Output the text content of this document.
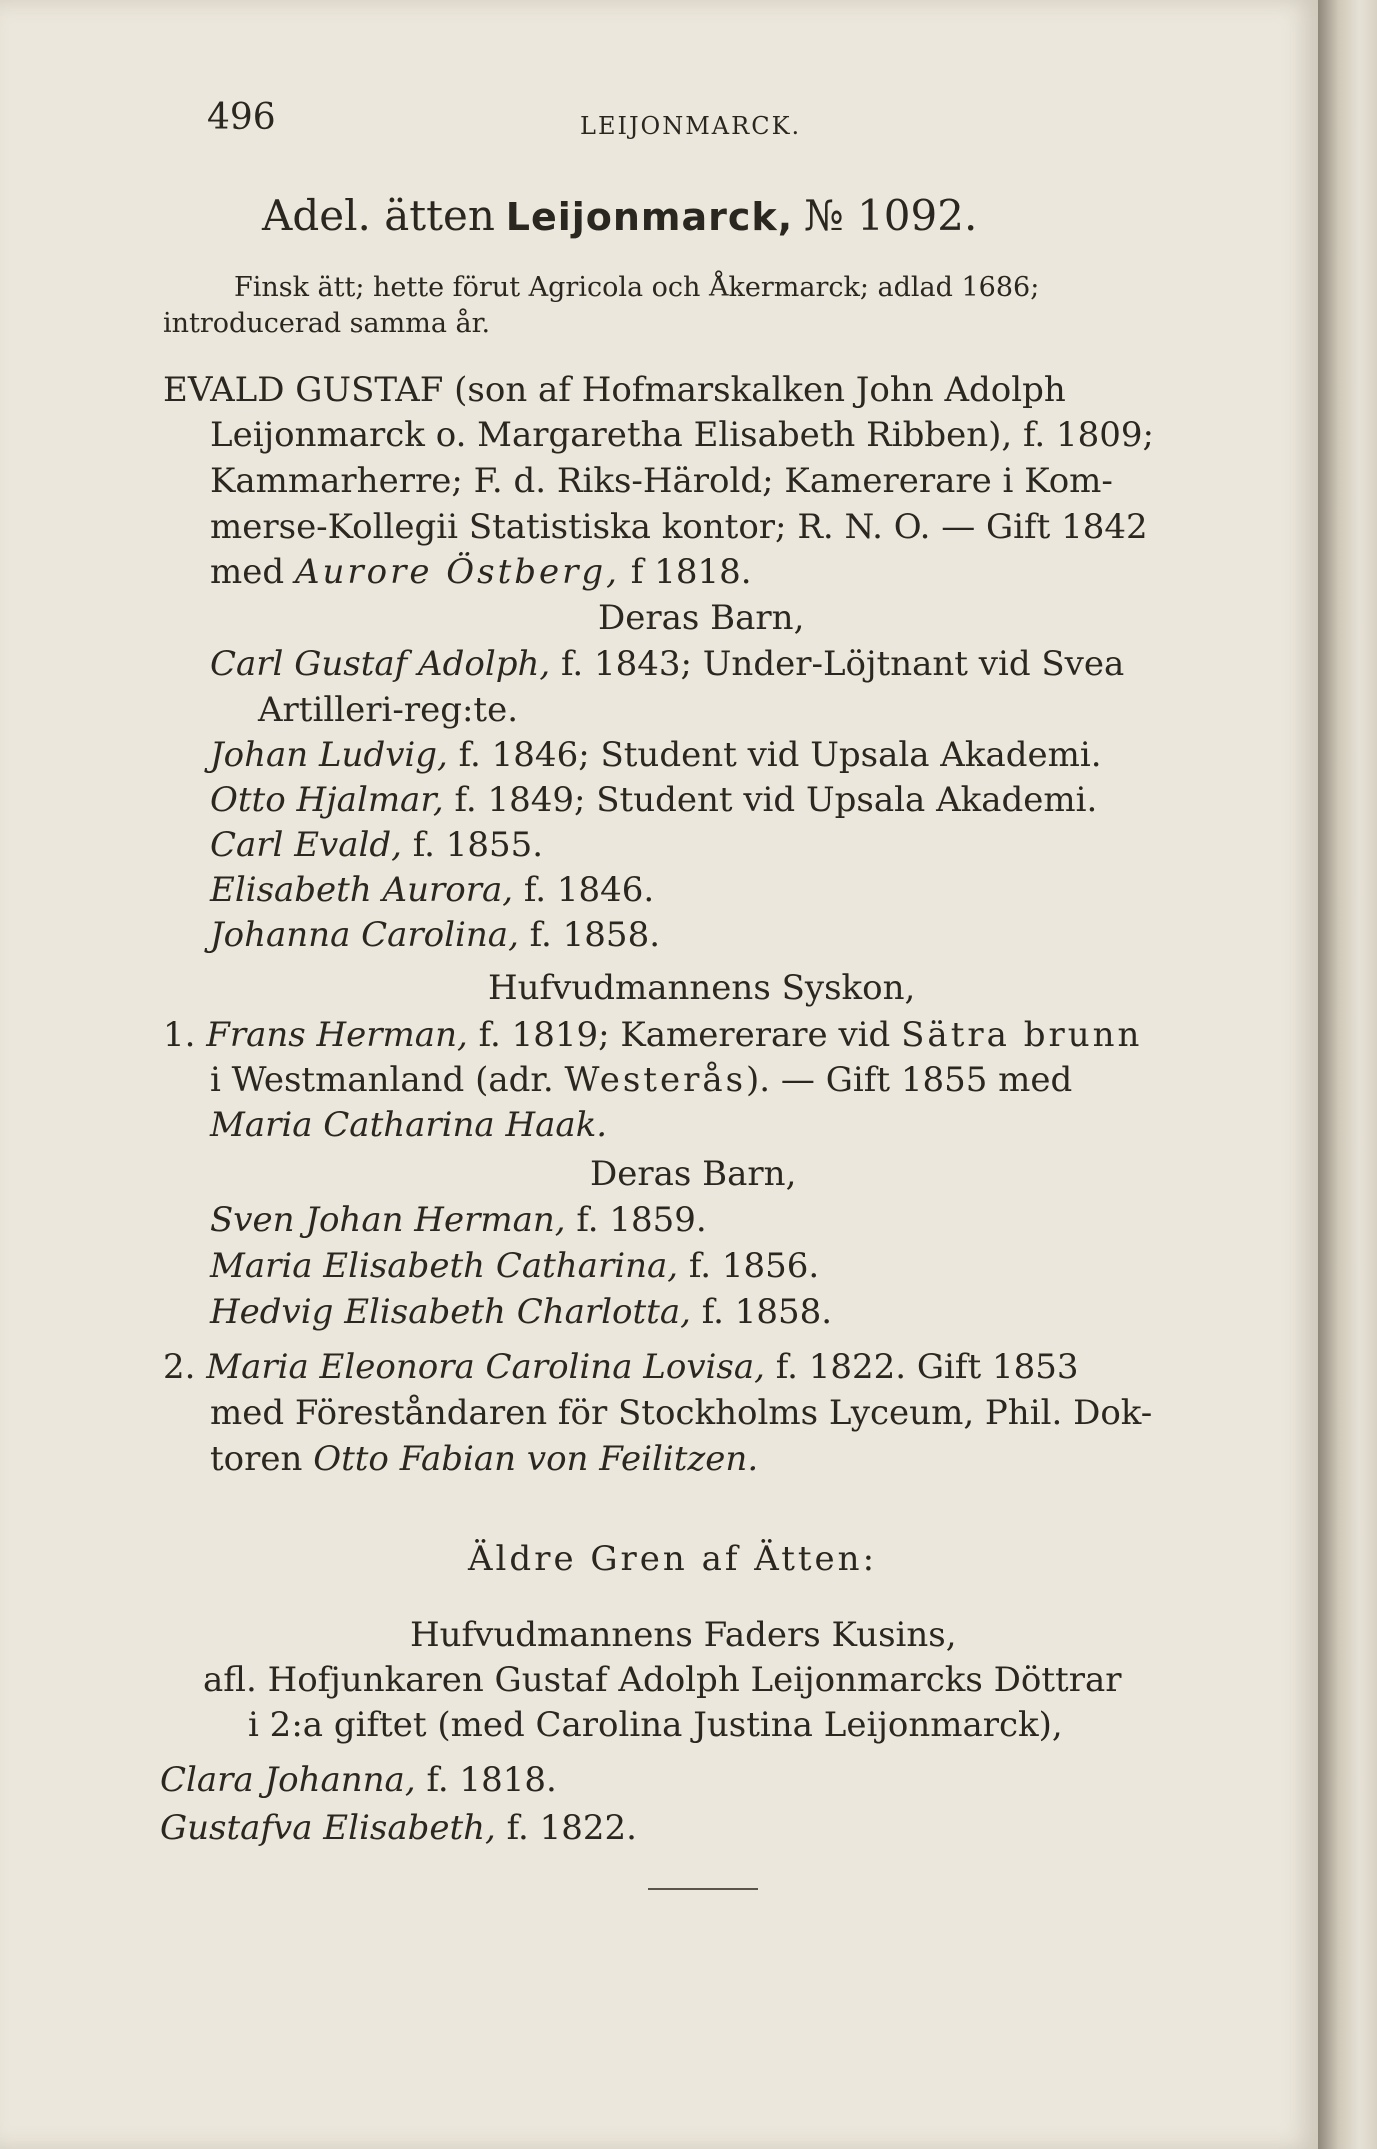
496	LEIJONMARCK.
Adel. ätten Leijonmarck, № 1092.
Finsk ätt; hette förut Agricola och Åkermarck; adlad 1686;
introducerad samma år.
EVALD GUSTAF (son af Hofmarskalken John Adolph
Leijonmarck o. Margaretha Elisabeth Ribben), f. 1809;
Kammarherre; F. d. Riks-Härold; Kamererare i Kom-
merse-Kollegii Statistiska kontor; R. N. O. — Gift 1842
med Aurore Östberg, f 1818.
Deras Barn,
Carl Gustaf Adolph, f. 1843; Under-Löjtnant vid Svea
Artilleri-reg:te.
Johan Ludvig, f. 1846; Student vid Upsala Akademi.
Otto Hjalmar, f. 1849; Student vid Upsala Akademi.
Carl Evald, f. 1855.
Elisabeth Aurora, f. 1846.
Johanna Carolina, f. 1858.
Hufvudmannens Syskon,
1. Frans Herman, f. 1819; Kamererare vid Sätra brunn
i Westmanland (adr. Westerås). — Gift 1855 med
Maria Catharina Haak.
Deras Barn,
Sven Johan Herman, f. 1859.
Maria Elisabeth Catharina, f. 1856.
Hedvig Elisabeth Charlotta, f. 1858.
2. Maria Eleonora Carolina Lovisa, f. 1822. Gift 1853
med Föreståndaren för Stockholms Lyceum, Phil. Dok-
toren Otto Fabian von Feilitzen.
Äldre Gren af Ätten:
Hufvudmannens Faders Kusins,
afl. Hofjunkaren Gustaf Adolph Leijonmarcks Döttrar
i 2:a giftet (med Carolina Justina Leijonmarck),
Clara Johanna, f. 1818.
Gustafva Elisabeth, f. 1822.
